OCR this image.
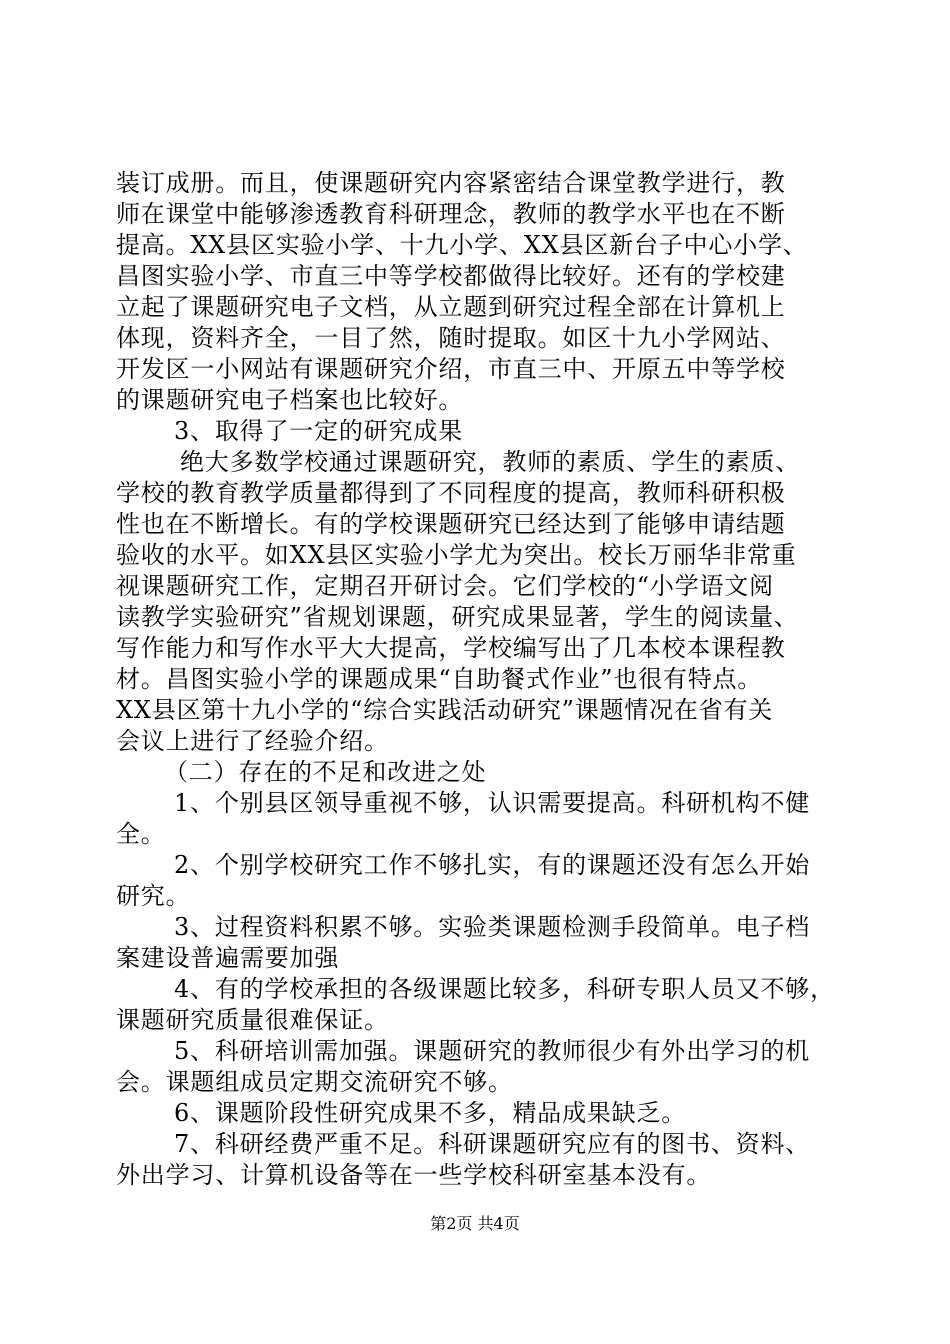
装订成册。而且，使课题研究内容紧密结合课堂教学进行，教
师在课堂中能够渗透教育科研理念，教师的教学水平也在不断
提高。XX县区实验小学、十九小学、XX县区新台子中心小学、
昌图实验小学、市直三中等学校都做得比较好。还有的学校建
立起了课题研究电子文档，从立题到研究过程全部在计算机上
体现，资料齐全，一目了然，随时提取。如区十九小学网站、
开发区一小网站有课题研究介绍，市直三中、开原五中等学校
的课题研究电子档案也比较好。
3、取得了一定的研究成果
绝大多数学校通过课题研究，教师的素质、学生的素质、
学校的教育教学质量都得到了不同程度的提高，教师科研积极
性也在不断增长。有的学校课题研究已经达到了能够申请结题
验收的水平。如XX县区实验小学尤为突出。校长万丽华非常重
视课题研究工作，定期召开研讨会。它们学校的“小学语文阅
读教学实验研究”省规划课题，研究成果显著，学生的阅读量、
写作能力和写作水平大大提高，学校编写出了几本校本课程教
材。昌图实验小学的课题成果“自助餐式作业”也很有特点。
XX县区第十九小学的“综合实践活动研究”课题情况在省有关
会议上进行了经验介绍。
（二）存在的不足和改进之处
1、个别县区领导重视不够，认识需要提高。科研机构不健
全。
2、个别学校研究工作不够扎实，有的课题还没有怎么开始
研究。
3、过程资料积累不够。实验类课题检测手段简单。电子档
案建设普遍需要加强
4、有的学校承担的各级课题比较多，科研专职人员又不够，
课题研究质量很难保证。
5、科研培训需加强。课题研究的教师很少有外出学习的机
会。课题组成员定期交流研究不够。
6、课题阶段性研究成果不多，精品成果缺乏。
7、科研经费严重不足。科研课题研究应有的图书、资料、
外出学习、计算机设备等在一些学校科研室基本没有。
第2页 共4页
